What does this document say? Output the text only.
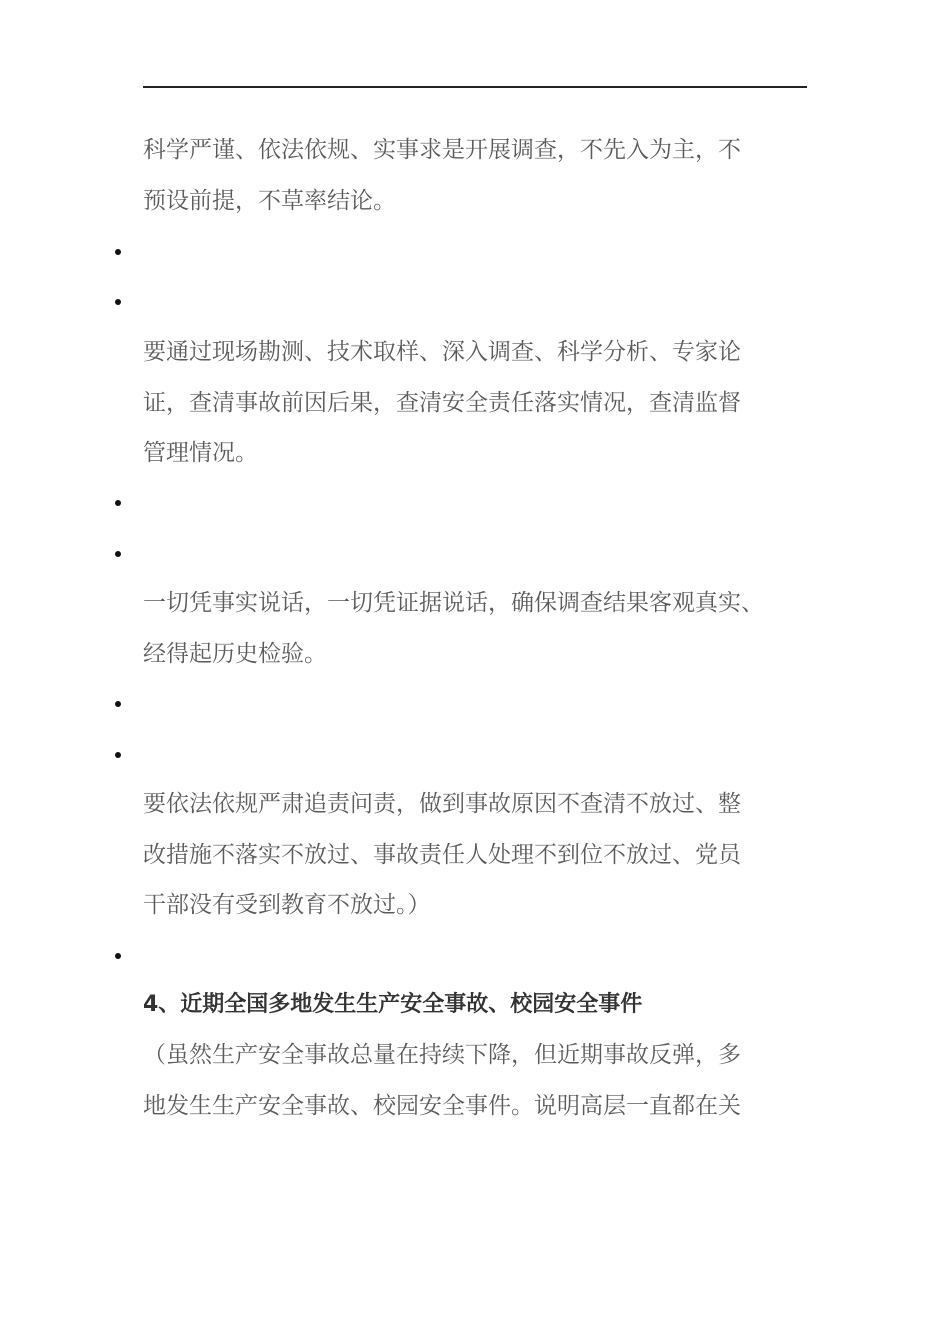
科学严谨、依法依规、实事求是开展调查，不先入为主，不
预设前提，不草率结论。
要通过现场勘测、技术取样、深入调查、科学分析、专家论
证，查清事故前因后果，查清安全责任落实情况，查清监督
管理情况。
一切凭事实说话，一切凭证据说话，确保调查结果客观真实、
经得起历史检验。
要依法依规严肃追责问责，做到事故原因不查清不放过、整
改措施不落实不放过、事故责任人处理不到位不放过、党员
干部没有受到教育不放过。）
4、近期全国多地发生生产安全事故、校园安全事件
（虽然生产安全事故总量在持续下降，但近期事故反弹，多
地发生生产安全事故、校园安全事件。说明高层一直都在关
